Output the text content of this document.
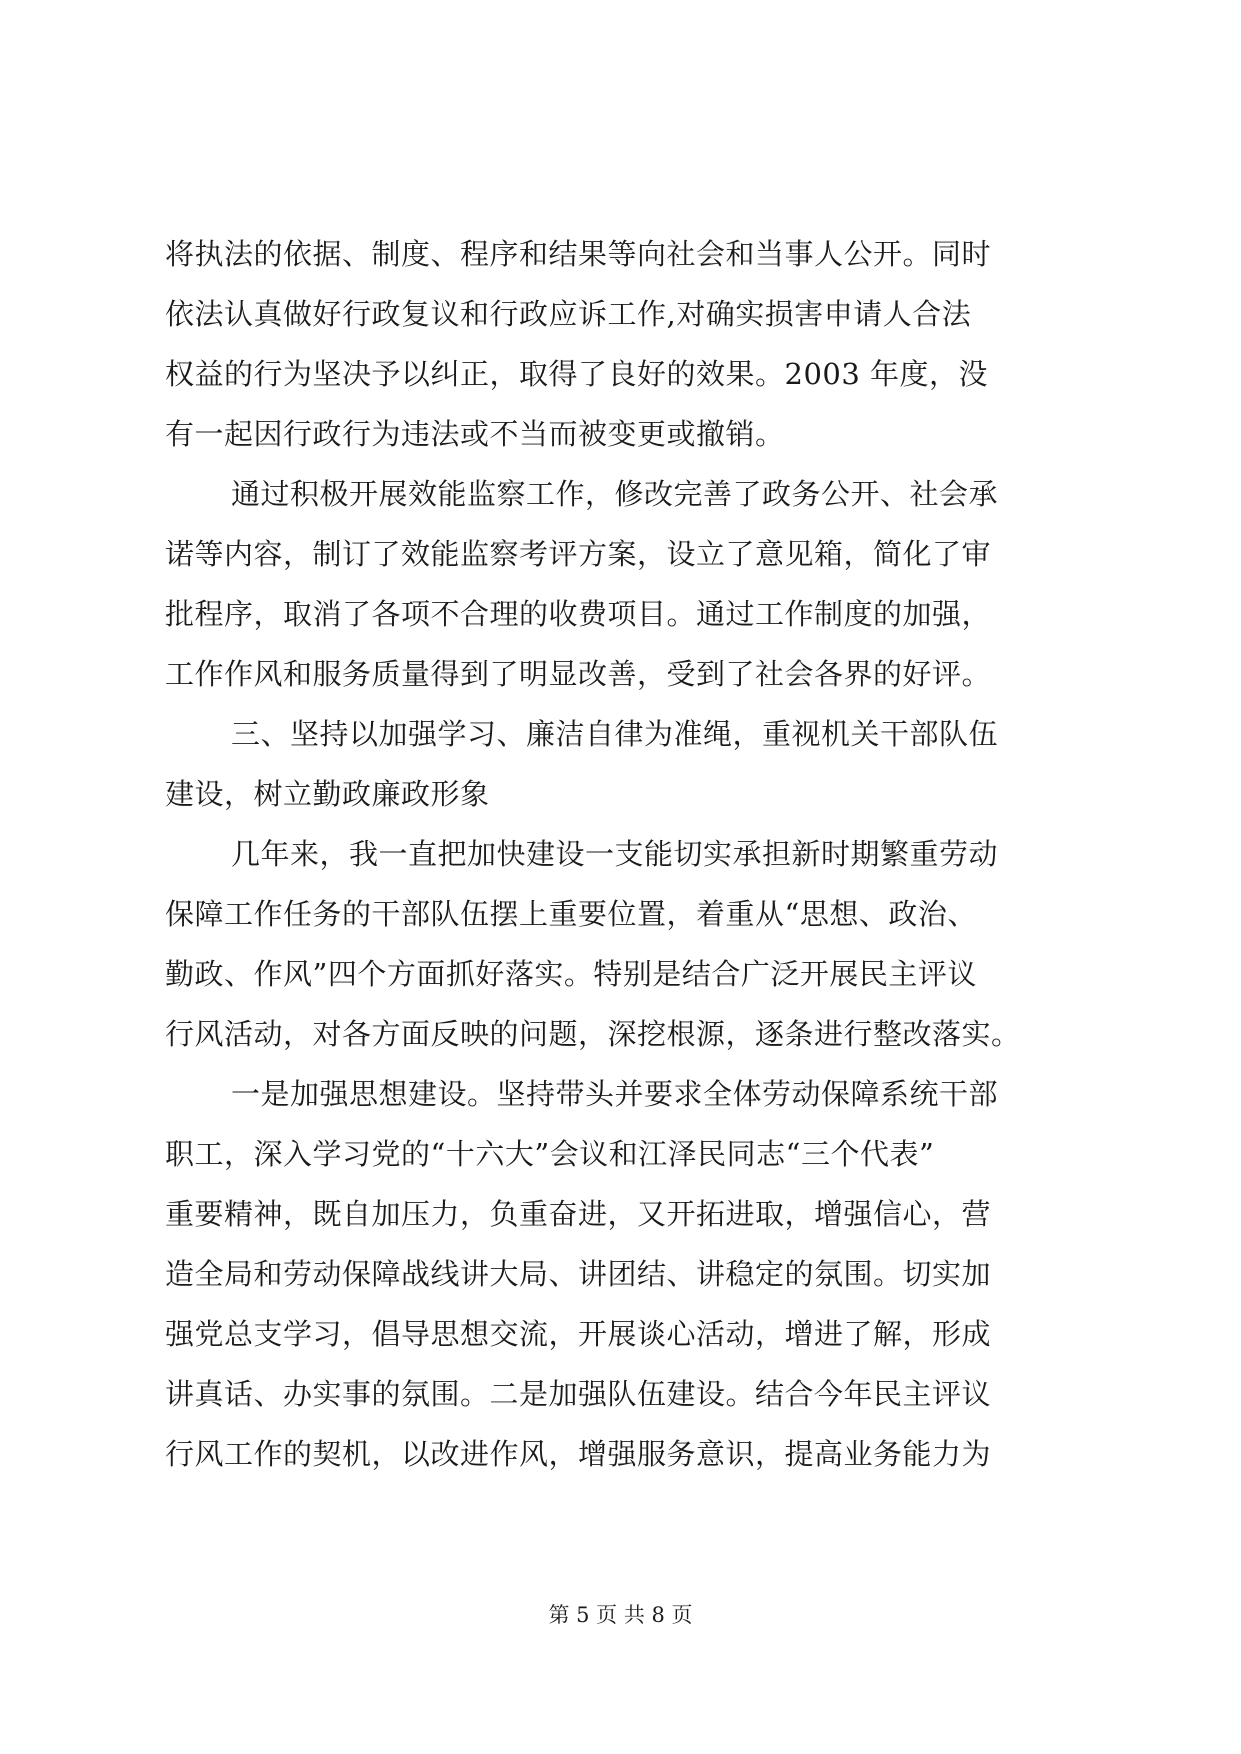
将执法的依据、制度、程序和结果等向社会和当事人公开。同时
依法认真做好行政复议和行政应诉工作,对确实损害申请人合法
权益的行为坚决予以纠正，取得了良好的效果。2003 年度，没
有一起因行政行为违法或不当而被变更或撤销。
通过积极开展效能监察工作，修改完善了政务公开、社会承
诺等内容，制订了效能监察考评方案，设立了意见箱，简化了审
批程序，取消了各项不合理的收费项目。通过工作制度的加强，
工作作风和服务质量得到了明显改善，受到了社会各界的好评。
三、坚持以加强学习、廉洁自律为准绳，重视机关干部队伍
建设，树立勤政廉政形象
几年来，我一直把加快建设一支能切实承担新时期繁重劳动
保障工作任务的干部队伍摆上重要位置，着重从“思想、政治、
勤政、作风”四个方面抓好落实。特别是结合广泛开展民主评议
行风活动，对各方面反映的问题，深挖根源，逐条进行整改落实。
一是加强思想建设。坚持带头并要求全体劳动保障系统干部
职工，深入学习党的“十六大”会议和江泽民同志“三个代表”
重要精神，既自加压力，负重奋进，又开拓进取，增强信心，营
造全局和劳动保障战线讲大局、讲团结、讲稳定的氛围。切实加
强党总支学习，倡导思想交流，开展谈心活动，增进了解，形成
讲真话、办实事的氛围。二是加强队伍建设。结合今年民主评议
行风工作的契机，以改进作风，增强服务意识，提高业务能力为
第 5 页 共 8 页
